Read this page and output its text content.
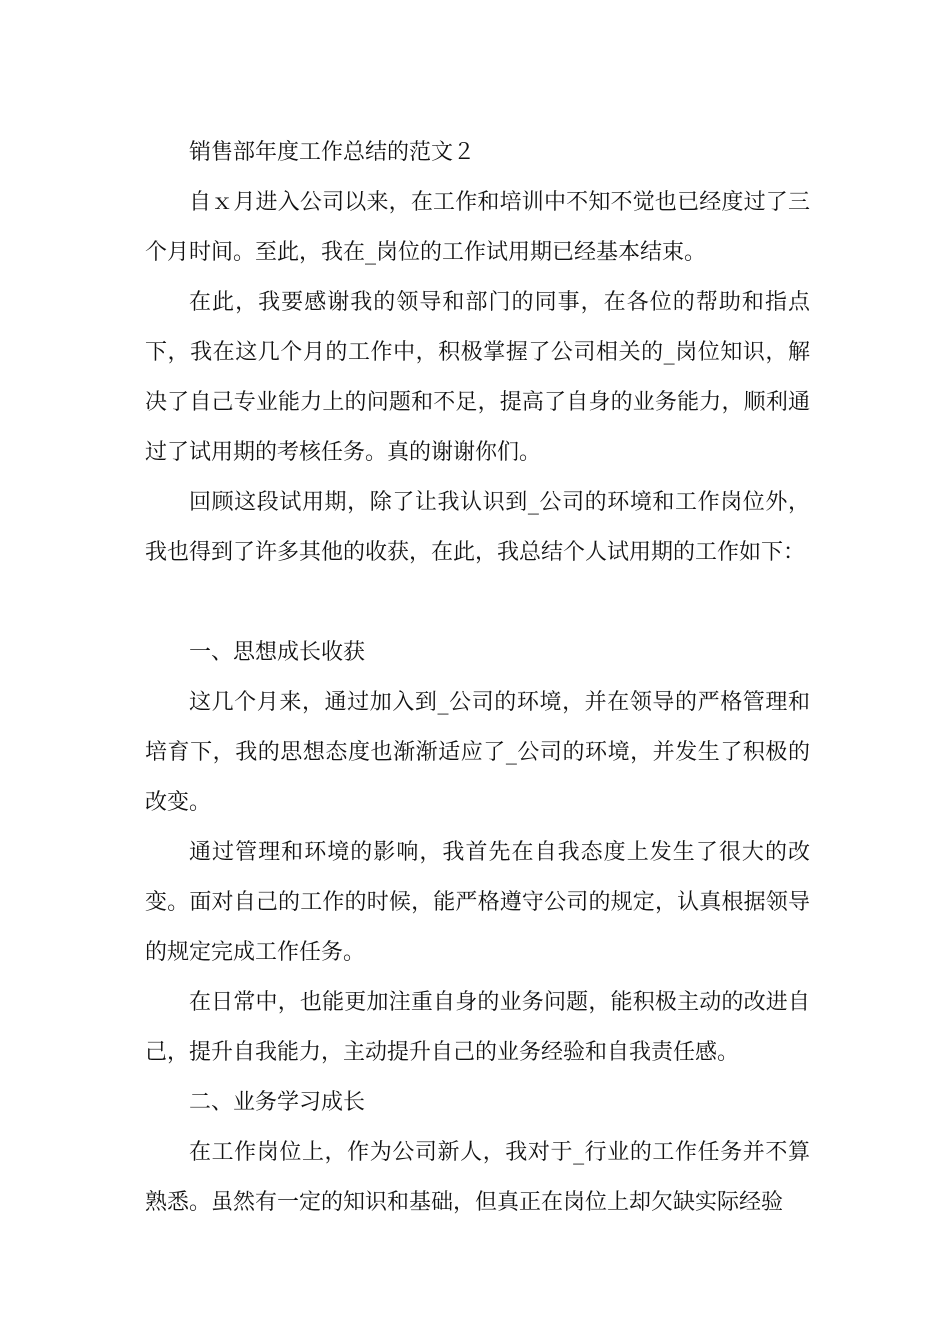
销售部年度工作总结的范文２

自ｘ月进入公司以来，在工作和培训中不知不觉也已经度过了三个月时间。至此，我在_岗位的工作试用期已经基本结束。

在此，我要感谢我的领导和部门的同事，在各位的帮助和指点下，我在这几个月的工作中，积极掌握了公司相关的_岗位知识，解决了自己专业能力上的问题和不足，提高了自身的业务能力，顺利通过了试用期的考核任务。真的谢谢你们。

回顾这段试用期，除了让我认识到_公司的环境和工作岗位外，我也得到了许多其他的收获，在此，我总结个人试用期的工作如下：

一、思想成长收获

这几个月来，通过加入到_公司的环境，并在领导的严格管理和培育下，我的思想态度也渐渐适应了_公司的环境，并发生了积极的改变。

通过管理和环境的影响，我首先在自我态度上发生了很大的改变。面对自己的工作的时候，能严格遵守公司的规定，认真根据领导的规定完成工作任务。

在日常中，也能更加注重自身的业务问题，能积极主动的改进自己，提升自我能力，主动提升自己的业务经验和自我责任感。

二、业务学习成长

在工作岗位上，作为公司新人，我对于_行业的工作任务并不算熟悉。虽然有一定的知识和基础，但真正在岗位上却欠缺实际经验
